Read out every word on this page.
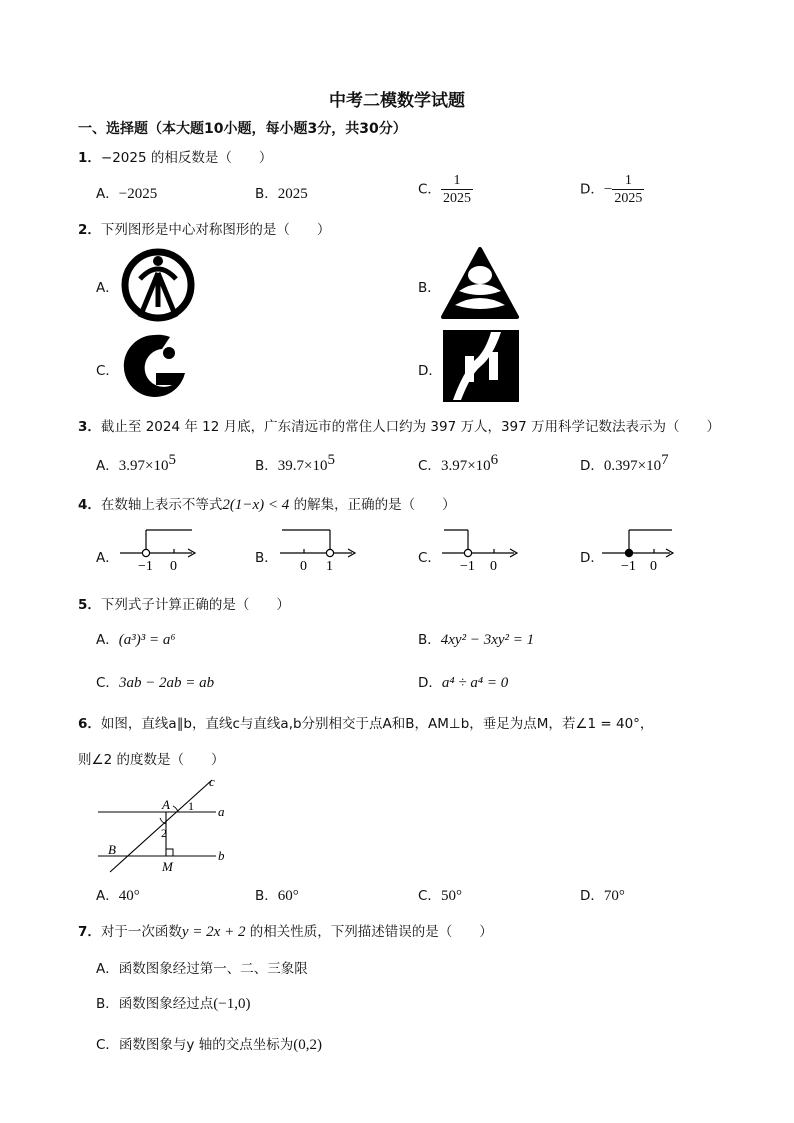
中考二模数学试题
一、选择题（本大题10小题，每小题3分，共30分）
1．−2025 的相反数是（　　）
A．−2025	B．2025	C． $\frac{1}{2025}$	D．− $\frac{1}{2025}$
2．下列图形是中心对称图形的是（　　）
A．	B．
C．	D．
3．截止至 2024 年 12 月底，广东清远市的常住人口约为 397 万人，397 万用科学记数法表示为（　　）
A．$3.97\times 10^5$	B．$39.7\times 10^5$	C．$3.97\times 10^6$	D．$0.397\times 10^7$
4．在数轴上表示不等式2(1−x) < 4 的解集，正确的是（　　）
A．
−1 0
B．
0 1
C．
−1 0
D．
−1 0
5．下列式子计算正确的是（　　）
A．(a³)³ = a⁶	B．4xy² − 3xy² = 1
C．3ab − 2ab = ab	D．a⁴ ÷ a⁴ = 0
6．如图，直线a∥b，直线c与直线a,b分别相交于点A和B，AM⊥b，垂足为点M，若∠1 = 40°，
则∠2 的度数是（　　）
c
A 1 a
2
B	b
M
A．40°	B．60°	C．50°	D．70°
7．对于一次函数y = 2x + 2 的相关性质，下列描述错误的是（　　）
A．函数图象经过第一、二、三象限
B．函数图象经过点(−1,0)
C．函数图象与y 轴的交点坐标为(0,2)
